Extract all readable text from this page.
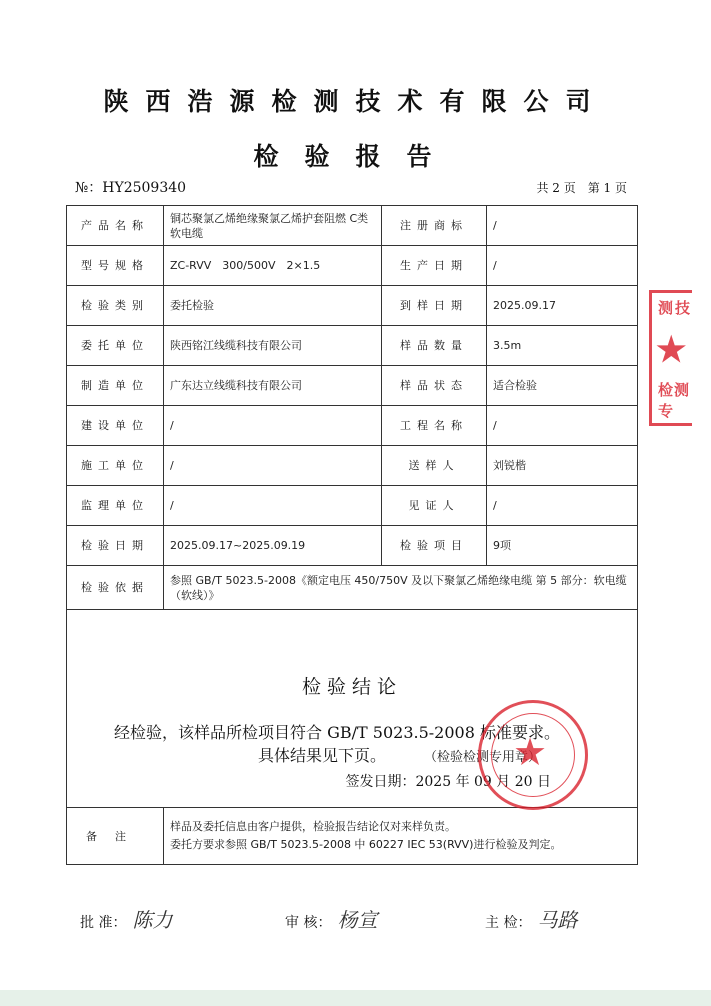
陕西浩源检测技术有限公司
检验报告
№：HY2509340	共 2 页　第 1 页
产品名称	铜芯聚氯乙烯绝缘聚氯乙烯护套阻燃 C类软电缆	注册商标	/
型号规格	ZC-RVV　300/500V　2×1.5	生产日期	/
检验类别	委托检验	到样日期	2025.09.17
委托单位	陕西铭江线缆科技有限公司	样品数量	3.5m
制造单位	广东达立线缆科技有限公司	样品状态	适合检验
建设单位	/	工程名称	/
施工单位	/	送样人	刘锐楷
监理单位	/	见证人	/
检验日期	2025.09.17~2025.09.19	检验项目	9项
检验依据	参照 GB/T 5023.5-2008《额定电压 450/750V 及以下聚氯乙烯绝缘电缆 第 5 部分：软电缆（软线）》		

检验结论
经检验，该样品所检项目符合 GB/T 5023.5-2008 标准要求。
具体结果见下页。 （检验检测专用章）
签发日期：2025 年 09 月 20 日			

备注	样品及委托信息由客户提供，检验报告结论仅对来样负责。
委托方要求参照 GB/T 5023.5-2008 中 60227 IEC 53(RVV)进行检验及判定。		
★
测技
★
检测专
批 准： 陈力	审 核： 杨宣	主 检： 马路
